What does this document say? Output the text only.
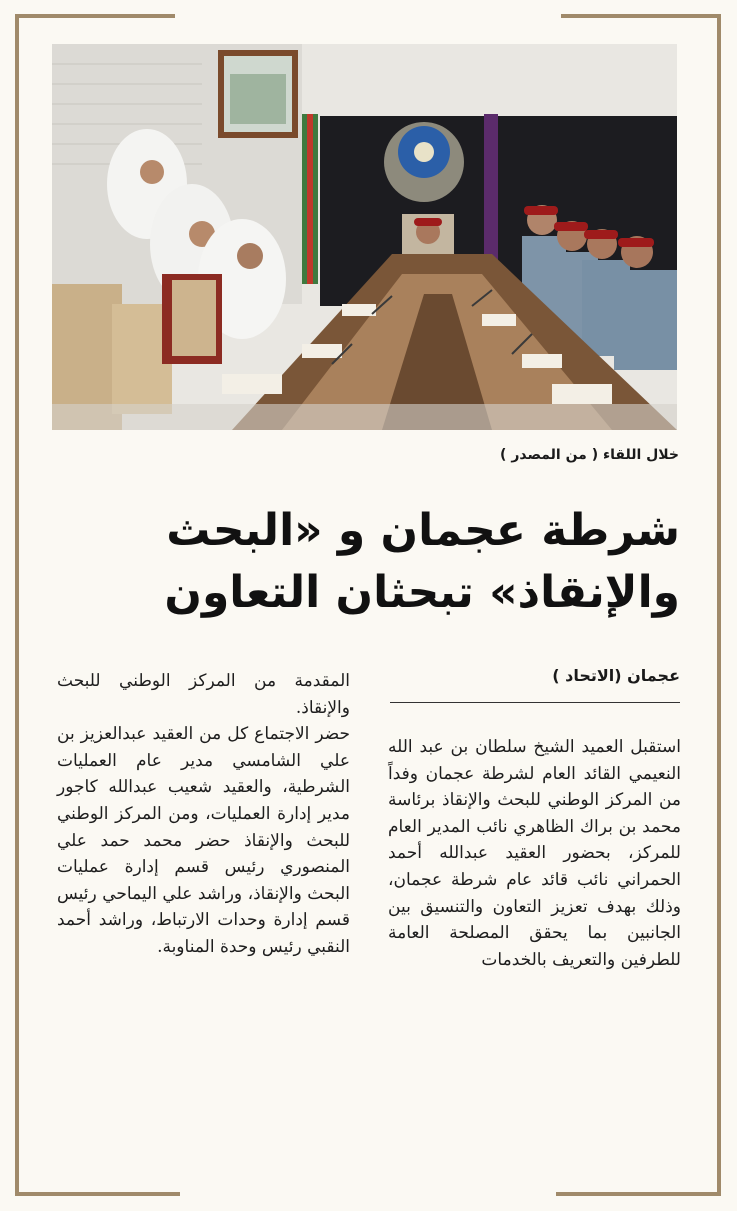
خلال اللقاء ( من المصدر )
شرطة عجمان و «البحث
والإنقاذ» تبحثان التعاون
عجمان (الاتحاد )

استقبل العميد الشيخ سلطان بن عبد الله النعيمي القائد العام لشرطة عجمان وفداً من المركز الوطني للبحث والإنقاذ برئاسة محمد بن براك الظاهري نائب المدير العام للمركز، بحضور العقيد عبدالله أحمد الحمراني نائب قائد عام شرطة عجمان، وذلك بهدف تعزيز التعاون والتنسيق بين الجانبين بما يحقق المصلحة العامة للطرفين والتعريف بالخدمات

المقدمة من المركز الوطني للبحث والإنقاذ.

حضر الاجتماع كل من العقيد عبدالعزيز بن علي الشامسي مدير عام العمليات الشرطية، والعقيد شعيب عبدالله كاجور مدير إدارة العمليات، ومن المركز الوطني للبحث والإنقاذ حضر محمد حمد علي المنصوري رئيس قسم إدارة عمليات البحث والإنقاذ، وراشد علي اليماحي رئيس قسم إدارة وحدات الارتباط، وراشد أحمد النقبي رئيس وحدة المناوبة.
